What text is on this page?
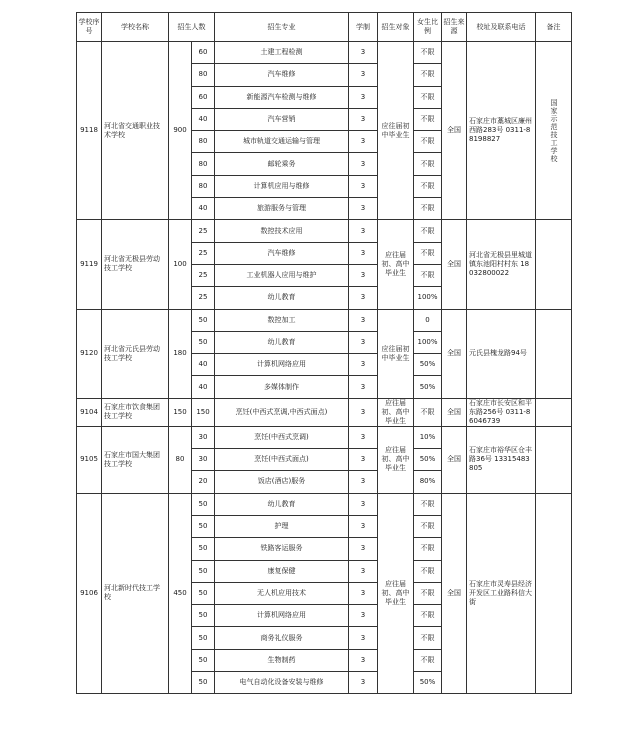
学校序号	学校名称	招生人数		招生专业	学制	招生对象	女生比例	招生来源	校址及联系电话	备注
9118	河北省交通职业技术学校	900	60	土建工程检测	3	应往届初中毕业生	不限	全国	石家庄市藁城区廉州西路283号 0311-88198827	国家示范技工学校
			80	汽车维修	3		不限			
			60	新能源汽车检测与维修	3		不限			
			40	汽车营销	3		不限			
			80	城市轨道交通运输与管理	3		不限			
			80	邮轮乘务	3		不限			
			80	计算机应用与维修	3		不限			
			40	旅游服务与管理	3		不限			
9119	河北省无极县劳动技工学校	100	25	数控技术应用	3	应往届初、高中毕业生	不限	全国	河北省无极县里城道镇东池阳村村东 18032800022	
			25	汽车维修	3		不限			
			25	工业机器人应用与维护	3		不限			
			25	幼儿教育	3		100%			
9120	河北省元氏县劳动技工学校	180	50	数控加工	3	应往届初中毕业生	0	全国	元氏县槐龙路94号	
			50	幼儿教育	3		100%			
			40	计算机网络应用	3		50%			
			40	多媒体制作	3		50%			
9104	石家庄市饮食集团技工学校	150	150	烹饪(中西式烹调,中西式面点)	3	应往届初、高中毕业生	不限	全国	石家庄市长安区和平东路256号 0311-86046739	
9105	石家庄市国大集团技工学校	80	30	烹饪(中西式烹调)	3	应往届初、高中毕业生	10%	全国	石家庄市裕华区仓丰路36号 13315483805	
			30	烹饪(中西式面点)	3		50%			
			20	饭店(酒店)服务	3		80%			
9106	河北新时代技工学校	450	50	幼儿教育	3	应往届初、高中毕业生	不限	全国	石家庄市灵寿县经济开发区工业路科信大街	
			50	护理	3		不限			
			50	铁路客运服务	3		不限			
			50	康复保健	3		不限			
			50	无人机应用技术	3		不限			
			50	计算机网络应用	3		不限			
			50	商务礼仪服务	3		不限			
			50	生物制药	3		不限			
			50	电气自动化设备安装与维修	3		50%			
